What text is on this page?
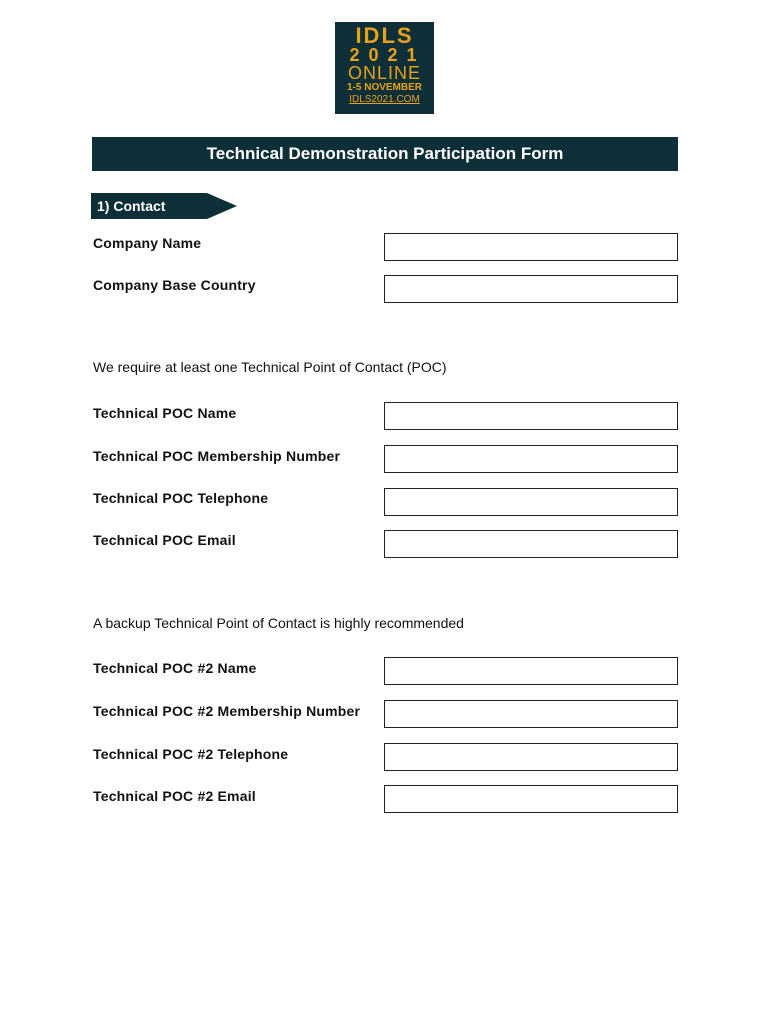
IDLS
2021
ONLINE
1-5 NOVEMBER
IDLS2021.COM
Technical Demonstration Participation Form
1) Contact
Company Name
Company Base Country
We require at least one Technical Point of Contact (POC)
Technical POC Name
Technical POC Membership Number
Technical POC Telephone
Technical POC Email
A backup Technical Point of Contact is highly recommended
Technical POC #2 Name
Technical POC #2 Membership Number
Technical POC #2 Telephone
Technical POC #2 Email
